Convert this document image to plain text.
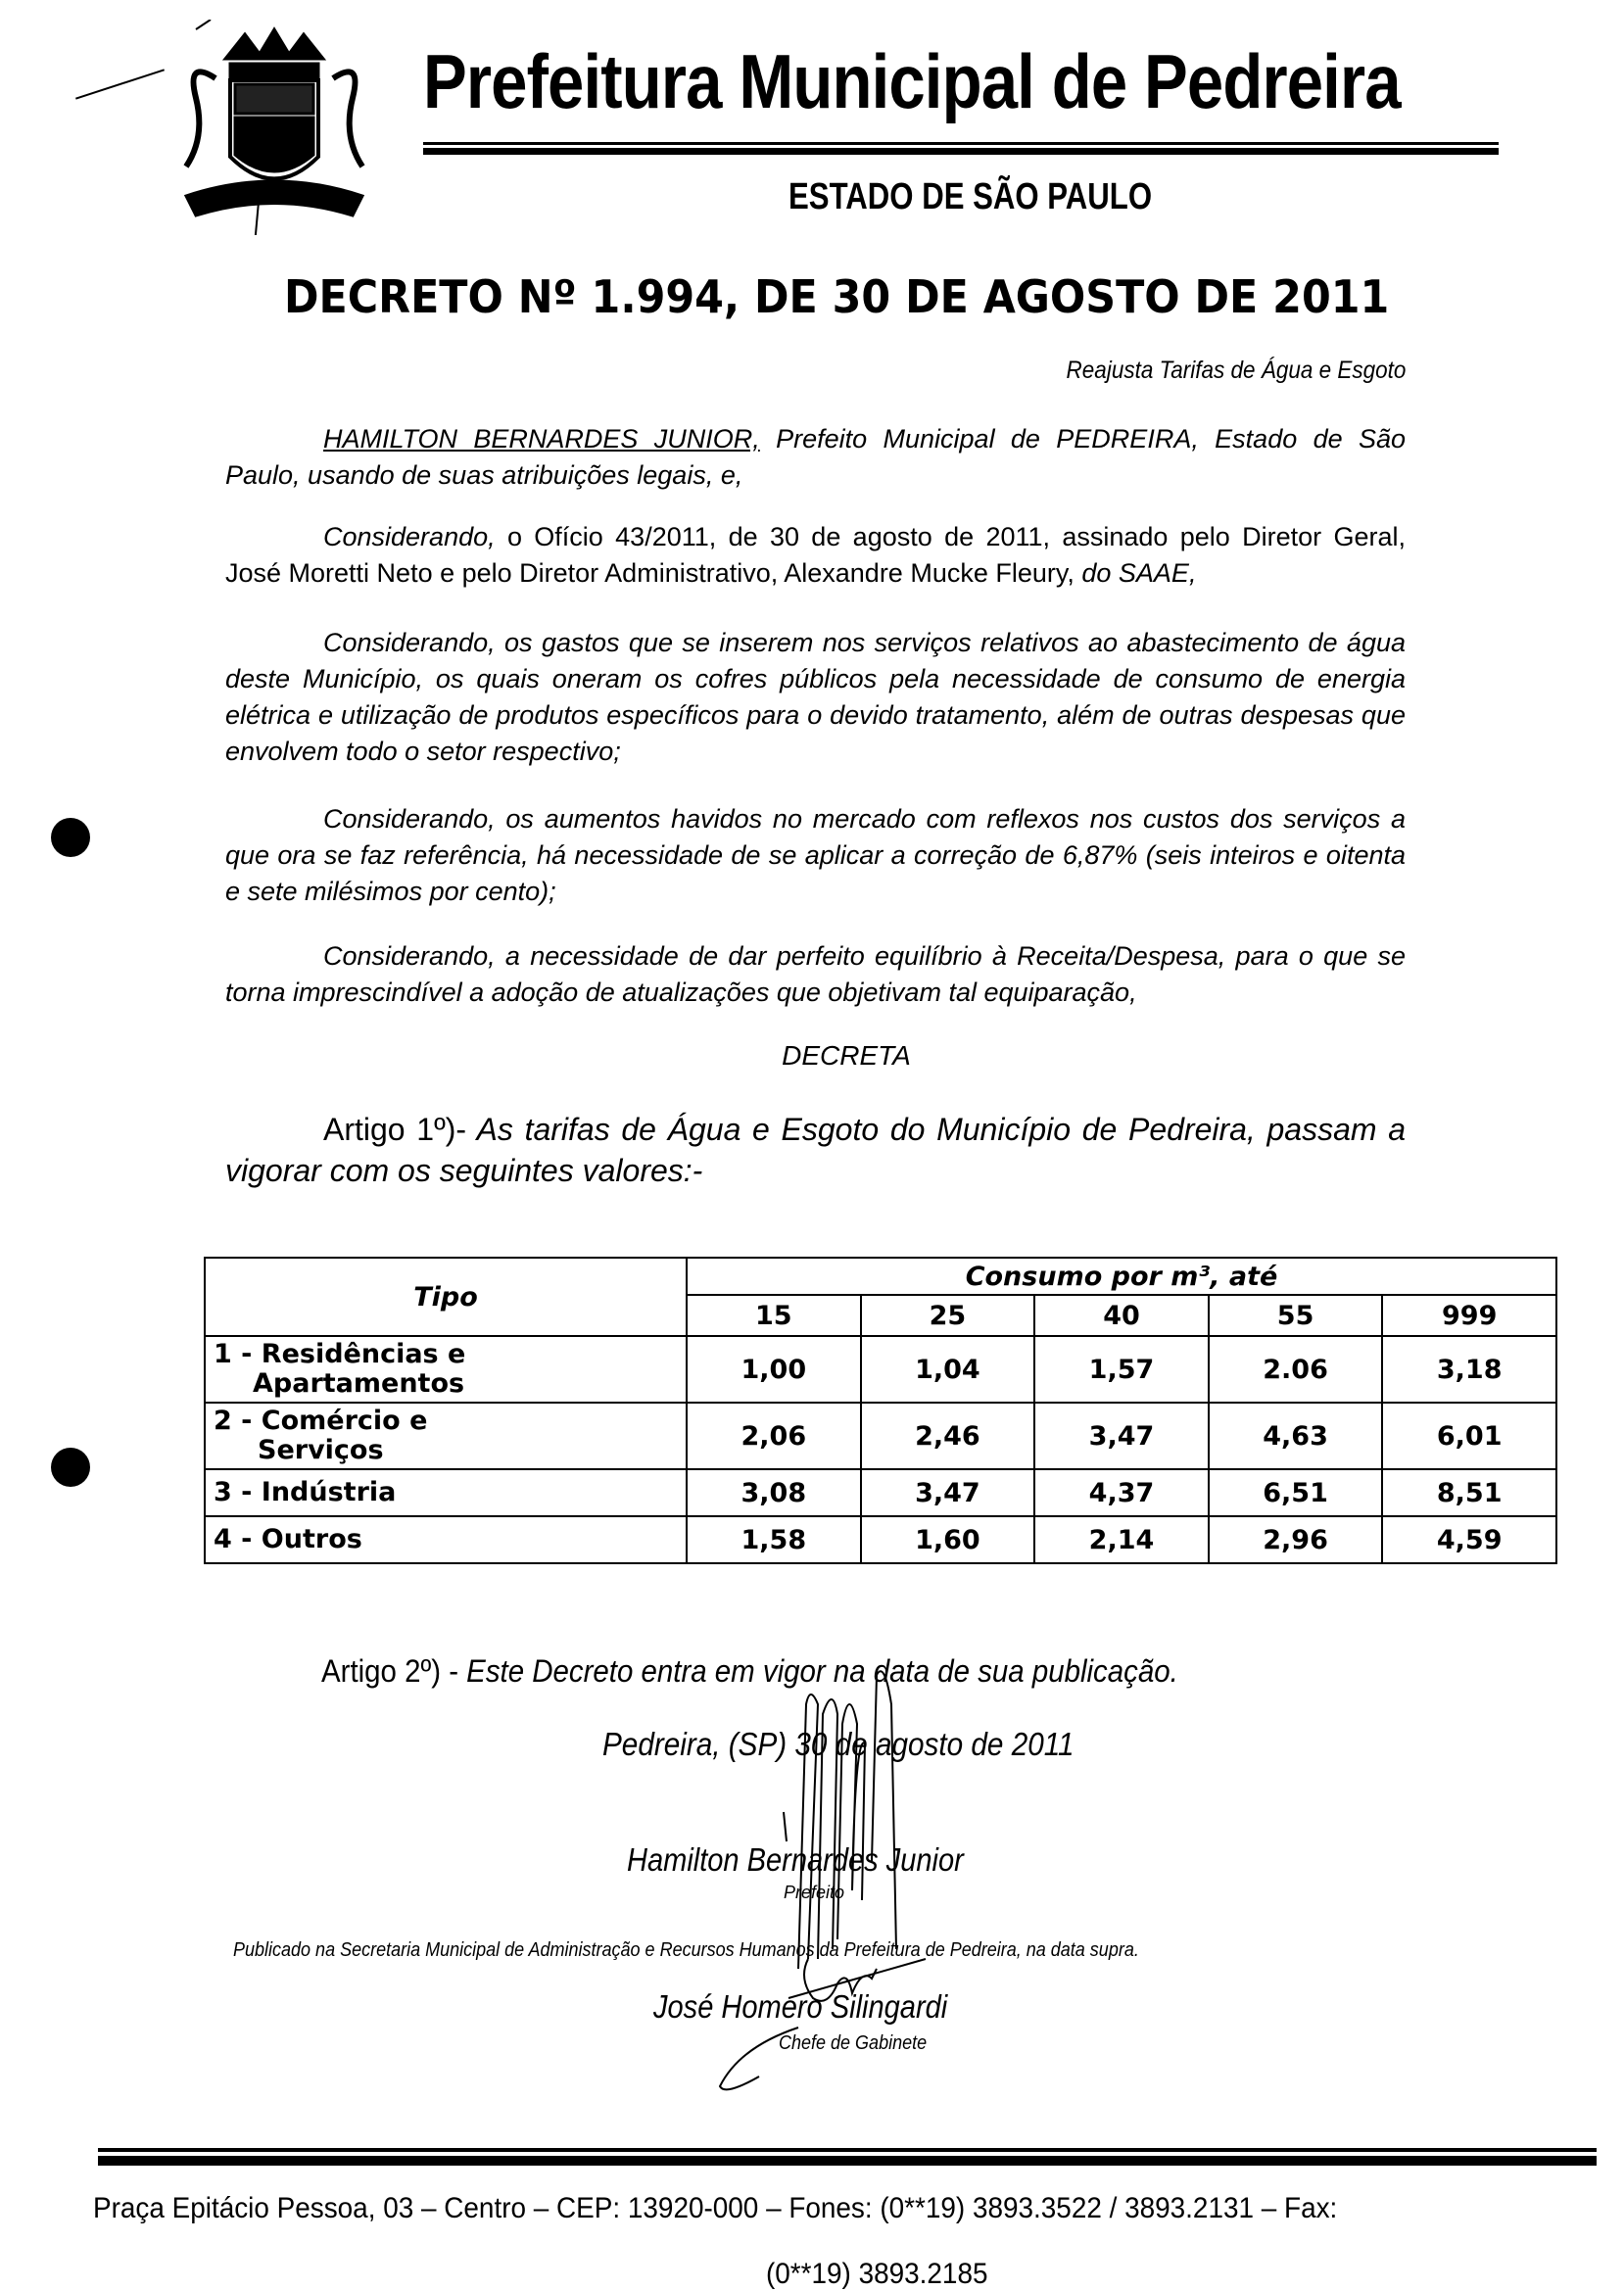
Prefeitura Municipal de Pedreira
ESTADO DE SÃO PAULO
DECRETO Nº 1.994, DE 30 DE AGOSTO DE 2011
Reajusta Tarifas de Água e Esgoto
HAMILTON BERNARDES JUNIOR, Prefeito Municipal de PEDREIRA, Estado de São Paulo, usando de suas atribuições legais, e,
Considerando, o Ofício 43/2011, de 30 de agosto de 2011, assinado pelo Diretor Geral, José Moretti Neto e pelo Diretor Administrativo, Alexandre Mucke Fleury, do SAAE,
Considerando, os gastos que se inserem nos serviços relativos ao abastecimento de água deste Município, os quais oneram os cofres públicos pela necessidade de consumo de energia elétrica e utilização de produtos específicos para o devido tratamento, além de outras despesas que envolvem todo o setor respectivo;
Considerando, os aumentos havidos no mercado com reflexos nos custos dos serviços a que ora se faz referência, há necessidade de se aplicar a correção de 6,87% (seis inteiros e oitenta e sete milésimos por cento);
Considerando, a necessidade de dar perfeito equilíbrio à Receita/Despesa, para o que se torna imprescindível a adoção de atualizações que objetivam tal equiparação,
DECRETA
Artigo 1º)- As tarifas de Água e Esgoto do Município de Pedreira, passam a vigorar com os seguintes valores:-
Tipo	Consumo por m³, até				
	15	25	40	55	999
1 - Residências e
Apartamentos	1,00	1,04	1,57	2.06	3,18
2 - Comércio e
Serviços	2,06	2,46	3,47	4,63	6,01
3 - Indústria	3,08	3,47	4,37	6,51	8,51
4 - Outros	1,58	1,60	2,14	2,96	4,59
Artigo 2º) - Este Decreto entra em vigor na data de sua publicação.
Pedreira, (SP) 30 de agosto de 2011
Hamilton Bernardes Junior
Prefeito
Publicado na Secretaria Municipal de Administração e Recursos Humanos da Prefeitura de Pedreira, na data supra.
José Homero Silingardi
Chefe de Gabinete
Praça Epitácio Pessoa, 03 – Centro – CEP: 13920-000 – Fones: (0**19) 3893.3522 / 3893.2131 – Fax:
(0**19) 3893.2185
